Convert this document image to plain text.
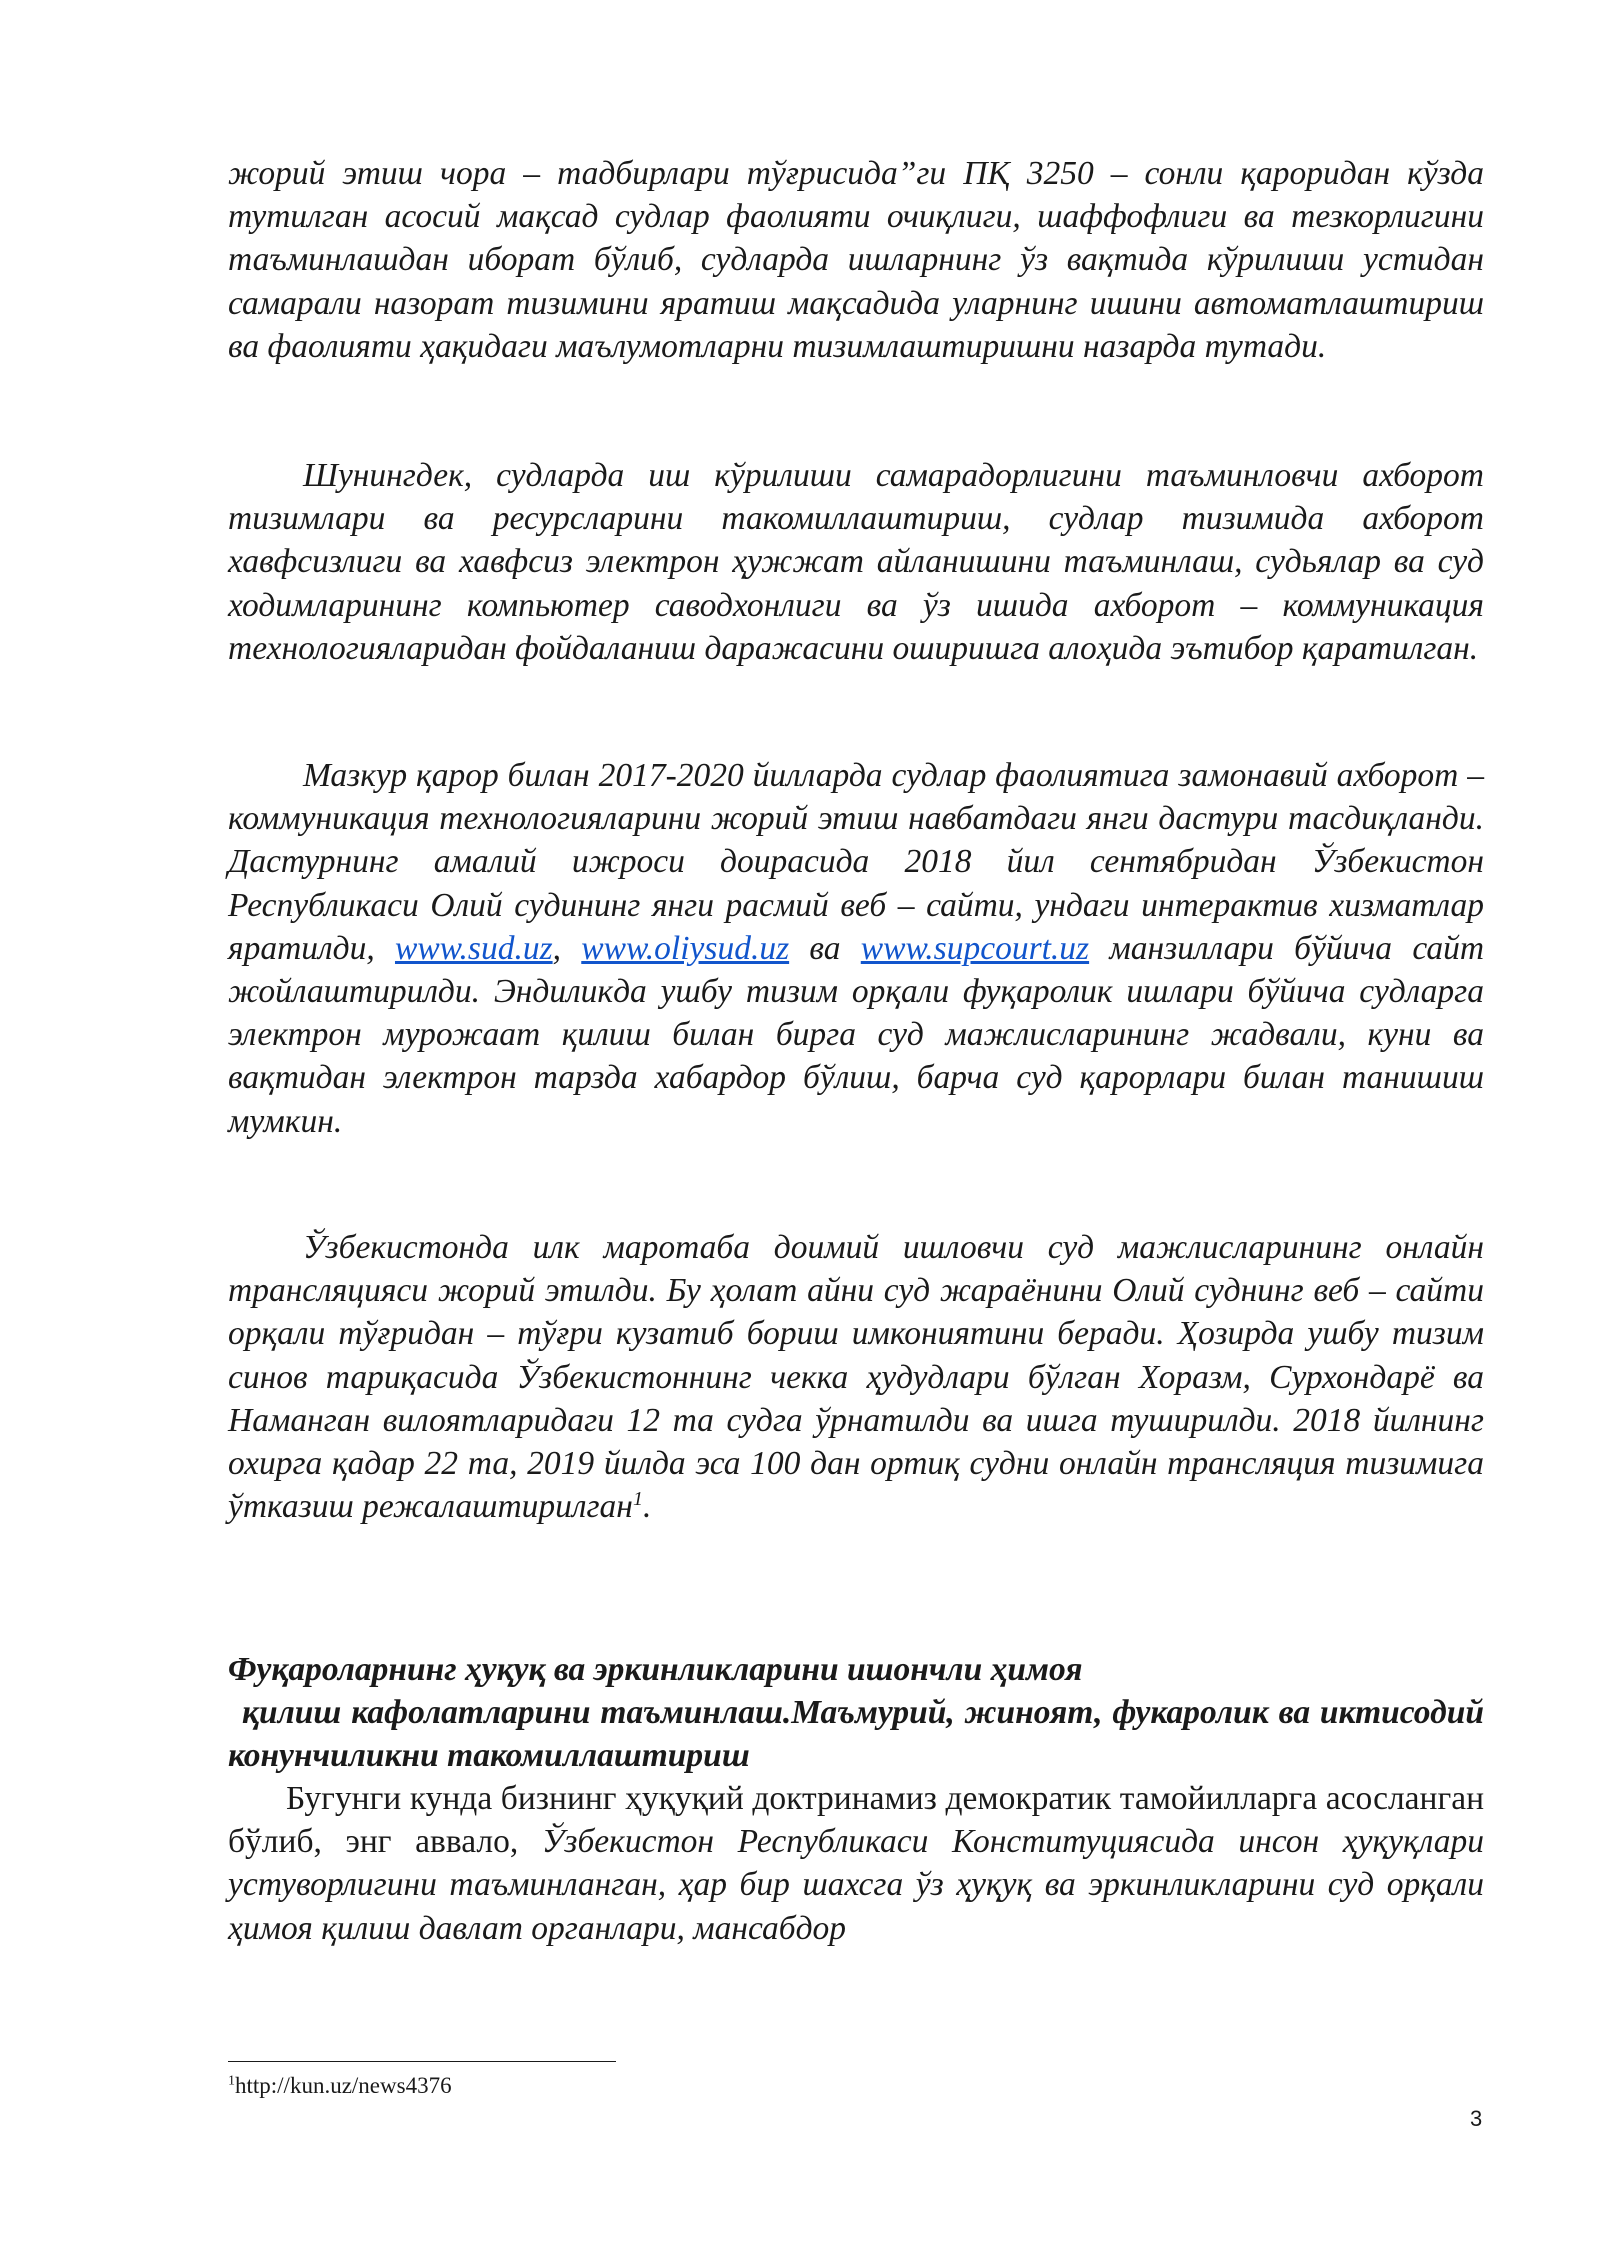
жорий этиш чора – тадбирлари тўғрисида”ги ПҚ 3250 – сонли қароридан кўзда тутилган асосий мақсад судлар фаолияти очиқлиги, шаффофлиги ва тезкорлигини таъминлашдан иборат бўлиб, судларда ишларнинг ўз вақтида кўрилиши устидан самарали назорат тизимини яратиш мақсадида уларнинг ишини автоматлаштириш ва фаолияти ҳақидаги маълумотларни тизимлаштиришни назарда тутади.

Шунингдек, судларда иш кўрилиши самарадорлигини таъминловчи ахборот тизимлари ва ресурсларини такомиллаштириш, судлар тизимида ахборот хавфсизлиги ва хавфсиз электрон ҳужжат айланишини таъминлаш, судьялар ва суд ходимларининг компьютер саводхонлиги ва ўз ишида ахборот – коммуникация технологияларидан фойдаланиш даражасини оширишга алоҳида эътибор қаратилган.

Мазкур қарор билан 2017-2020 йилларда судлар фаолиятига замонавий ахборот – коммуникация технологияларини жорий этиш навбатдаги янги дастури тасдиқланди. Дастурнинг амалий ижроси доирасида 2018 йил сентябридан Ўзбекистон Республикаси Олий судининг янги расмий веб – сайти, ундаги интерактив хизматлар яратилди, www.sud.uz, www.oliysud.uz ва www.supcourt.uz манзиллари бўйича сайт жойлаштирилди. Эндиликда ушбу тизим орқали фуқаролик ишлари бўйича судларга электрон мурожаат қилиш билан бирга суд мажлисларининг жадвали, куни ва вақтидан электрон тарзда хабардор бўлиш, барча суд қарорлари билан танишиш мумкин.

Ўзбекистонда илк маротаба доимий ишловчи суд мажлисларининг онлайн трансляцияси жорий этилди. Бу ҳолат айни суд жараёнини Олий суднинг веб – сайти орқали тўғридан – тўғри кузатиб бориш имкониятини беради. Ҳозирда ушбу тизим синов тариқасида Ўзбекистоннинг чекка ҳудудлари бўлган Хоразм, Сурхондарё ва Наманган вилоятларидаги 12 та судга ўрнатилди ва ишга туширилди. 2018 йилнинг охирга қадар 22 та, 2019 йилда эса 100 дан ортиқ судни онлайн трансляция тизимига ўтказиш режалаштирилган$^1$.

Фуқароларнинг ҳуқуқ ва эркинликларини ишончли ҳимоя
қилиш кафолатларини таъминлаш.Маъмурий, жиноят, фукаролик ва иктисодий конунчиликни такомиллаштириш

Бугунги кунда бизнинг ҳуқуқий доктринамиз демократик тамойилларга асосланган бўлиб, энг аввало, Ўзбекистон Республикаси Конституциясида инсон ҳуқуқлари устуворлигини таъминланган, ҳар бир шахсга ўз ҳуқуқ ва эркинликларини суд орқали ҳимоя қилиш давлат органлари, мансабдор

$^1$http://kun.uz/news4376
3
